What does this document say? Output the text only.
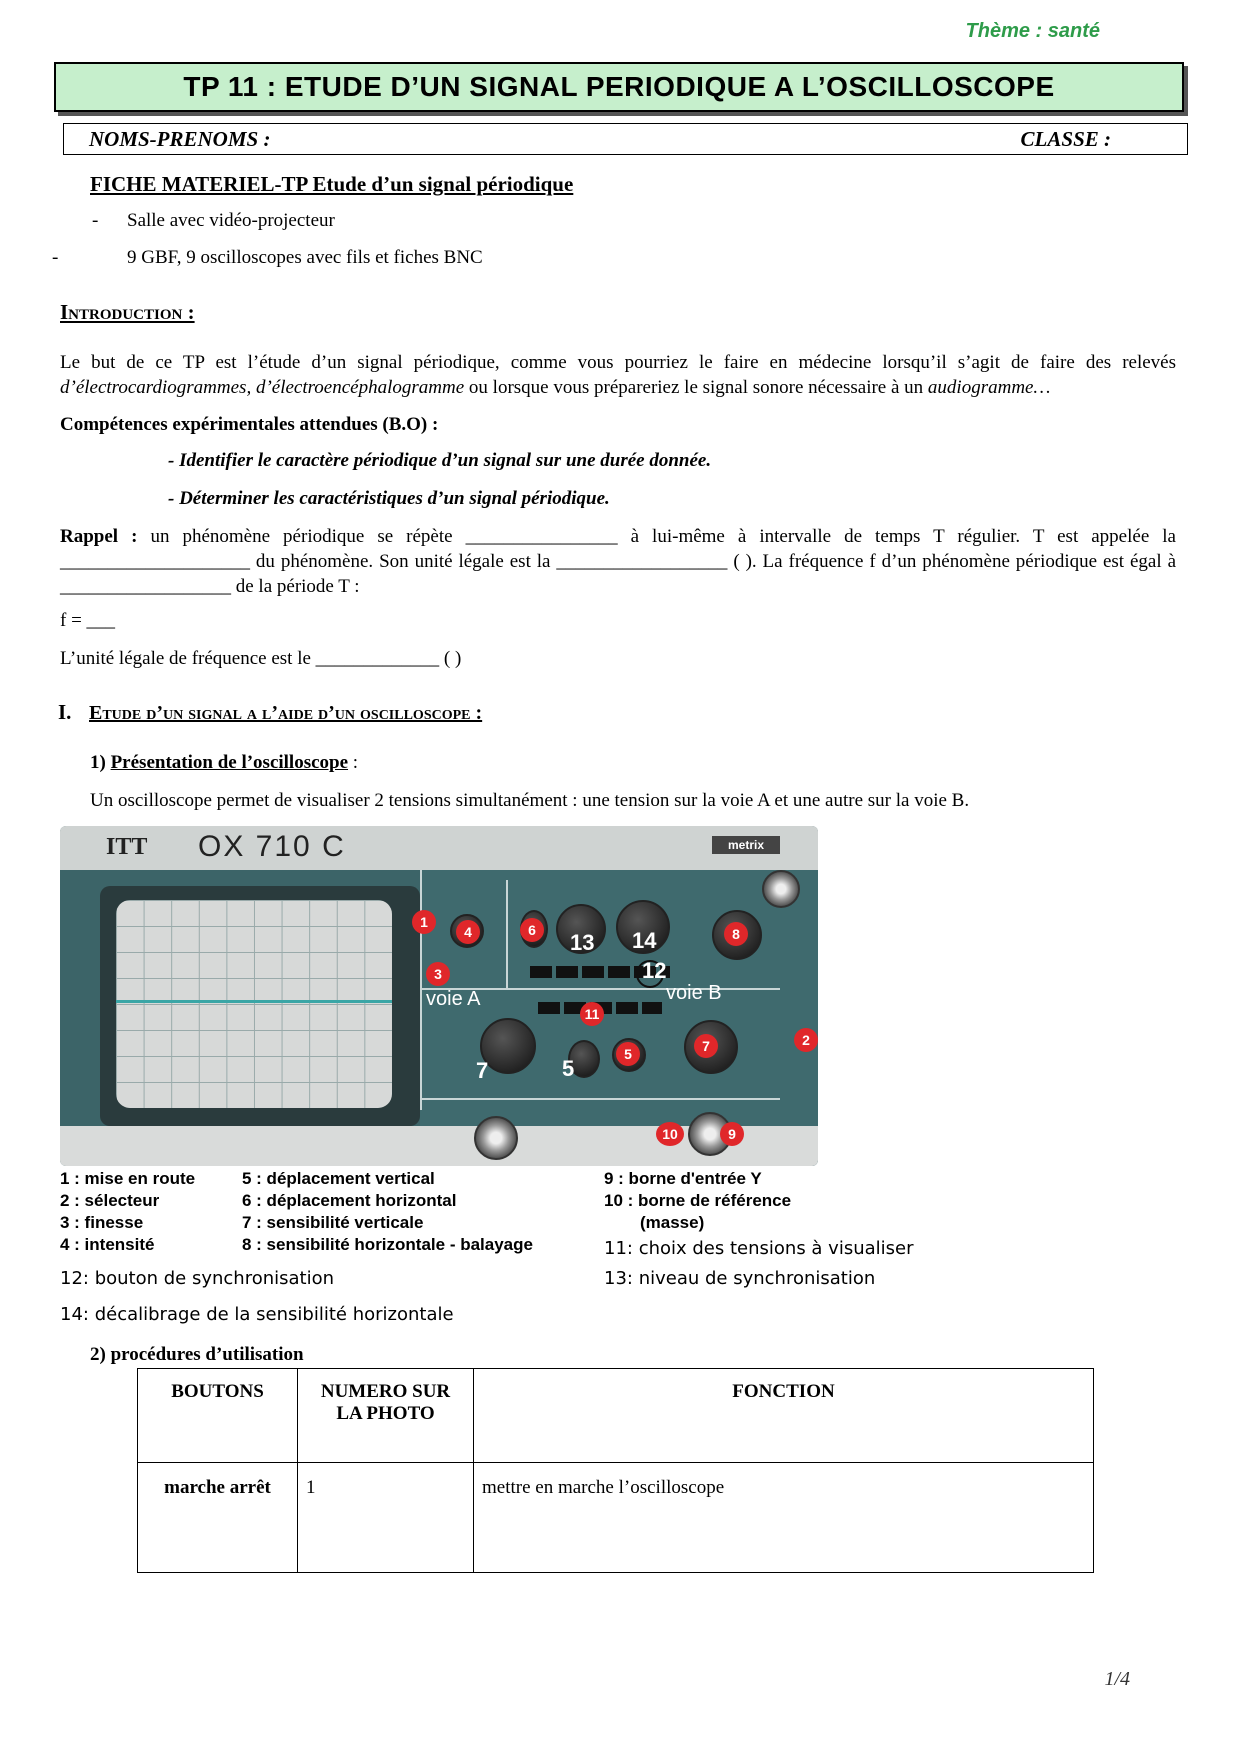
Thème : santé
TP 11 : ETUDE D’UN SIGNAL PERIODIQUE A L’OSCILLOSCOPE
NOMS-PRENOMS :	CLASSE :
FICHE MATERIEL-TP Etude d’un signal périodique
- Salle avec vidéo-projecteur
-	9 GBF, 9 oscilloscopes avec fils et fiches BNC
Introduction :
Le but de ce TP est l’étude d’un signal périodique, comme vous pourriez le faire en médecine lorsqu’il s’agit de faire des relevés d’électrocardiogrammes, d’électroencéphalogramme ou lorsque vous prépareriez le signal sonore nécessaire à un audiogramme…
Compétences expérimentales attendues (B.O) :
- Identifier le caractère périodique d’un signal sur une durée donnée.
- Déterminer les caractéristiques d’un signal périodique.
Rappel : un phénomène périodique se répète ________________ à lui-même à intervalle de temps T régulier. T est appelée la ____________________ du phénomène. Son unité légale est la __________________ ( ). La fréquence f d’un phénomène périodique est égal à __________________ de la période T :
f = ___
L’unité légale de fréquence est le _____________ ( )
I. Etude d’un signal a l’aide d’un oscilloscope :
1) Présentation de l’oscilloscope :
Un oscilloscope permet de visualiser 2 tensions simultanément : une tension sur la voie A et une autre sur la voie B.
ITT OX 710 C	metrix
voie A	voie B
13 14
12
7	5
1
2
3
4
5
6
7
8
11
9
10
1 : mise en route
2 : sélecteur
3 : finesse
4 : intensité
5 : déplacement vertical
6 : déplacement horizontal
7 : sensibilité verticale
8 : sensibilité horizontale - balayage
9 : borne d'entrée Y
10 : borne de référence
(masse)
11: choix des tensions à visualiser
12: bouton de synchronisation	13: niveau de synchronisation
14: décalibrage de la sensibilité horizontale
2) procédures d’utilisation
BOUTONS	NUMERO SUR LA PHOTO	FONCTION
marche arrêt	1	mettre en marche l’oscilloscope
1/4
